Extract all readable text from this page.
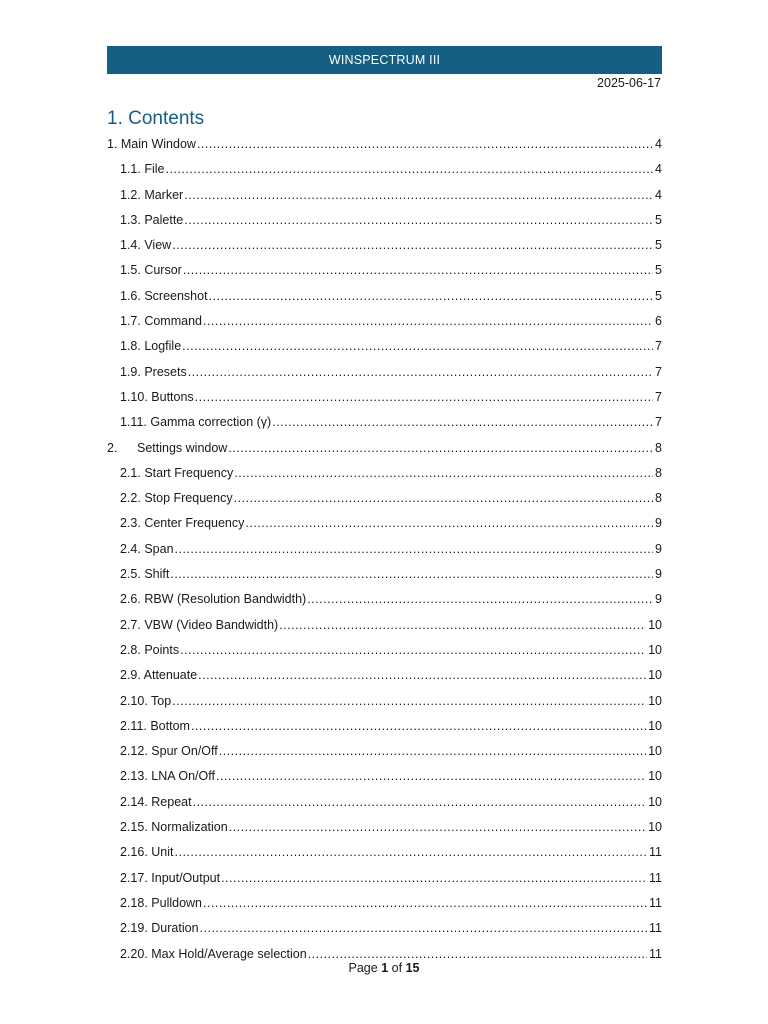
WINSPECTRUM III
2025-06-17
1. Contents
1. Main Window .....	4
1.1. File .....	4
1.2. Marker .....	4
1.3. Palette .....	5
1.4. View .....	5
1.5. Cursor .....	5
1.6. Screenshot .....	5
1.7. Command .....	6
1.8. Logfile .....	7
1.9. Presets .....	7
1.10. Buttons .....	7
1.11. Gamma correction (γ) .....	7
2. Settings window .....	8
2.1. Start Frequency .....	8
2.2. Stop Frequency .....	8
2.3. Center Frequency .....	9
2.4. Span .....	9
2.5. Shift .....	9
2.6. RBW (Resolution Bandwidth) .....	9
2.7. VBW (Video Bandwidth) .....	10
2.8. Points .....	10
2.9. Attenuate .....	10
2.10. Top .....	10
2.11. Bottom .....	10
2.12. Spur On/Off .....	10
2.13. LNA On/Off .....	10
2.14. Repeat .....	10
2.15. Normalization .....	10
2.16. Unit .....	11
2.17. Input/Output .....	11
2.18. Pulldown .....	11
2.19. Duration .....	11
2.20. Max Hold/Average selection .....	11
Page 1 of 15
